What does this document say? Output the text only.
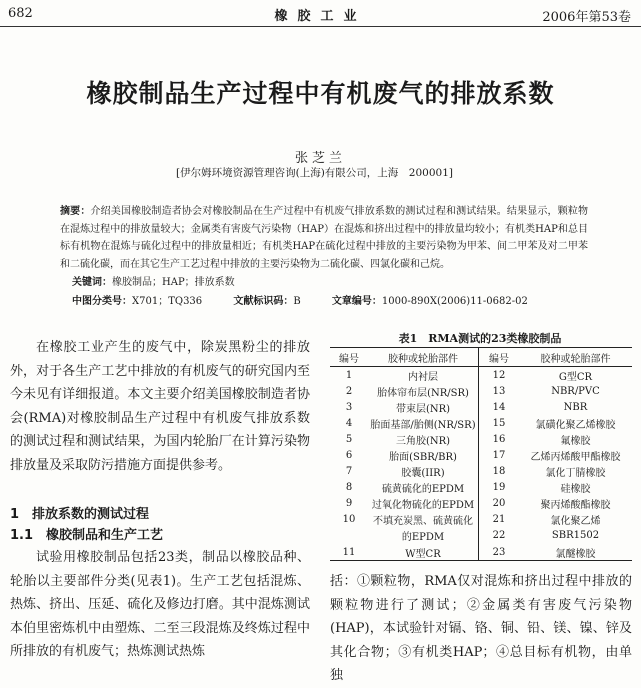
682	橡胶工业	2006年第53卷
橡胶制品生产过程中有机废气的排放系数
张芝兰
[伊尔姆环境资源管理咨询(上海)有限公司，上海　200001]
摘要：介绍美国橡胶制造者协会对橡胶制品在生产过程中有机废气排放系数的测试过程和测试结果。结果显示，颗粒物在混炼过程中的排放量较大；金属类有害废气污染物（HAP）在混炼和挤出过程中的排放量均较小；有机类HAP和总目标有机物在混炼与硫化过程中的排放量相近；有机类HAP在硫化过程中排放的主要污染物为甲苯、间二甲苯及对二甲苯和二硫化碳，而在其它生产工艺过程中排放的主要污染物为二硫化碳、四氯化碳和己烷。
关键词：橡胶制品；HAP；排放系数
中图分类号：X701；TQ336	文献标识码：B	文章编号：1000-890X(2006)11-0682-02
在橡胶工业产生的废气中，除炭黑粉尘的排放外，对于各生产工艺中排放的有机废气的研究国内至今未见有详细报道。本文主要介绍美国橡胶制造者协会(RMA)对橡胶制品生产过程中有机废气排放系数的测试过程和测试结果，为国内轮胎厂在计算污染物排放量及采取防污措施方面提供参考。
1　排放系数的测试过程
1.1　橡胶制品和生产工艺
试验用橡胶制品包括23类，制品以橡胶品种、轮胎以主要部件分类(见表1)。生产工艺包括混炼、热炼、挤出、压延、硫化及修边打磨。其中混炼测试本伯里密炼机中由塑炼、二至三段混炼及终炼过程中所排放的有机废气；热炼测试热炼
表1　RMA测试的23类橡胶制品
编号	胶种或轮胎部件	编号	胶种或轮胎部件
1	内衬层	12	G型CR
2	胎体帘布层(NR/SR)	13	NBR/PVC
3	带束层(NR)	14	NBR
4	胎面基部/胎侧(NR/SR)	15	氯磺化聚乙烯橡胶
5	三角胶(NR)	16	氟橡胶
6	胎面(SBR/BR)	17	乙烯丙烯酸甲酯橡胶
7	胶囊(IIR)	18	氯化丁腈橡胶
8	硫黄硫化的EPDM	19	硅橡胶
9	过氧化物硫化的EPDM	20	聚丙烯酸酯橡胶
10	不填充炭黑、硫黄硫化	21	氯化聚乙烯
	的EPDM	22	SBR1502
11	W型CR	23	氯醚橡胶
括：①颗粒物，RMA仅对混炼和挤出过程中排放的颗粒物进行了测试；②金属类有害废气污染物(HAP)，本试验针对镉、铬、铜、铅、镁、镍、锌及其化合物；③有机类HAP；④总目标有机物，由单独
